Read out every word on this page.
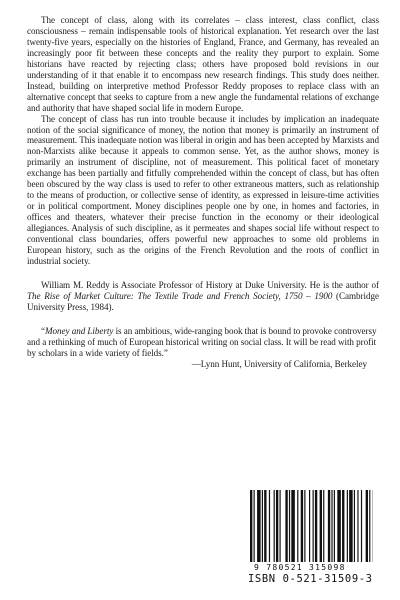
The concept of class, along with its correlates – class interest, class conflict, class consciousness – remain indispensable tools of historical explanation. Yet research over the last twenty-five years, especially on the histories of England, France, and Germany, has revealed an increasingly poor fit between these concepts and the reality they purport to explain. Some historians have reacted by rejecting class; others have proposed bold revisions in our understanding of it that enable it to encompass new research findings. This study does neither. Instead, building on interpretive method Professor Reddy proposes to replace class with an alternative concept that seeks to capture from a new angle the fundamental relations of exchange and authority that have shaped social life in modern Europe.

The concept of class has run into trouble because it includes by implication an inadequate notion of the social significance of money, the notion that money is primarily an instrument of measurement. This inadequate notion was liberal in origin and has been accepted by Marxists and non-Marxists alike because it appeals to common sense. Yet, as the author shows, money is primarily an instrument of discipline, not of measurement. This political facet of monetary exchange has been partially and fitfully comprehended within the concept of class, but has often been obscured by the way class is used to refer to other extraneous matters, such as relationship to the means of production, or collective sense of identity, as expressed in leisure-time activities or in political comportment. Money disciplines people one by one, in homes and factories, in offices and theaters, whatever their precise function in the economy or their ideological allegiances. Analysis of such discipline, as it permeates and shapes social life without respect to conventional class boundaries, offers powerful new approaches to some old problems in European history, such as the origins of the French Revolution and the roots of conflict in industrial society.

William M. Reddy is Associate Professor of History at Duke University. He is the author of The Rise of Market Culture: The Textile Trade and French Society, 1750 – 1900 (Cambridge University Press, 1984).

“Money and Liberty is an ambitious, wide-ranging book that is bound to provoke controversy and a rethinking of much of European historical writing on social class. It will be read with profit by scholars in a wide variety of fields.”
—Lynn Hunt, University of California, Berkeley

9 780521 315098
ISBN 0-521-31509-3
